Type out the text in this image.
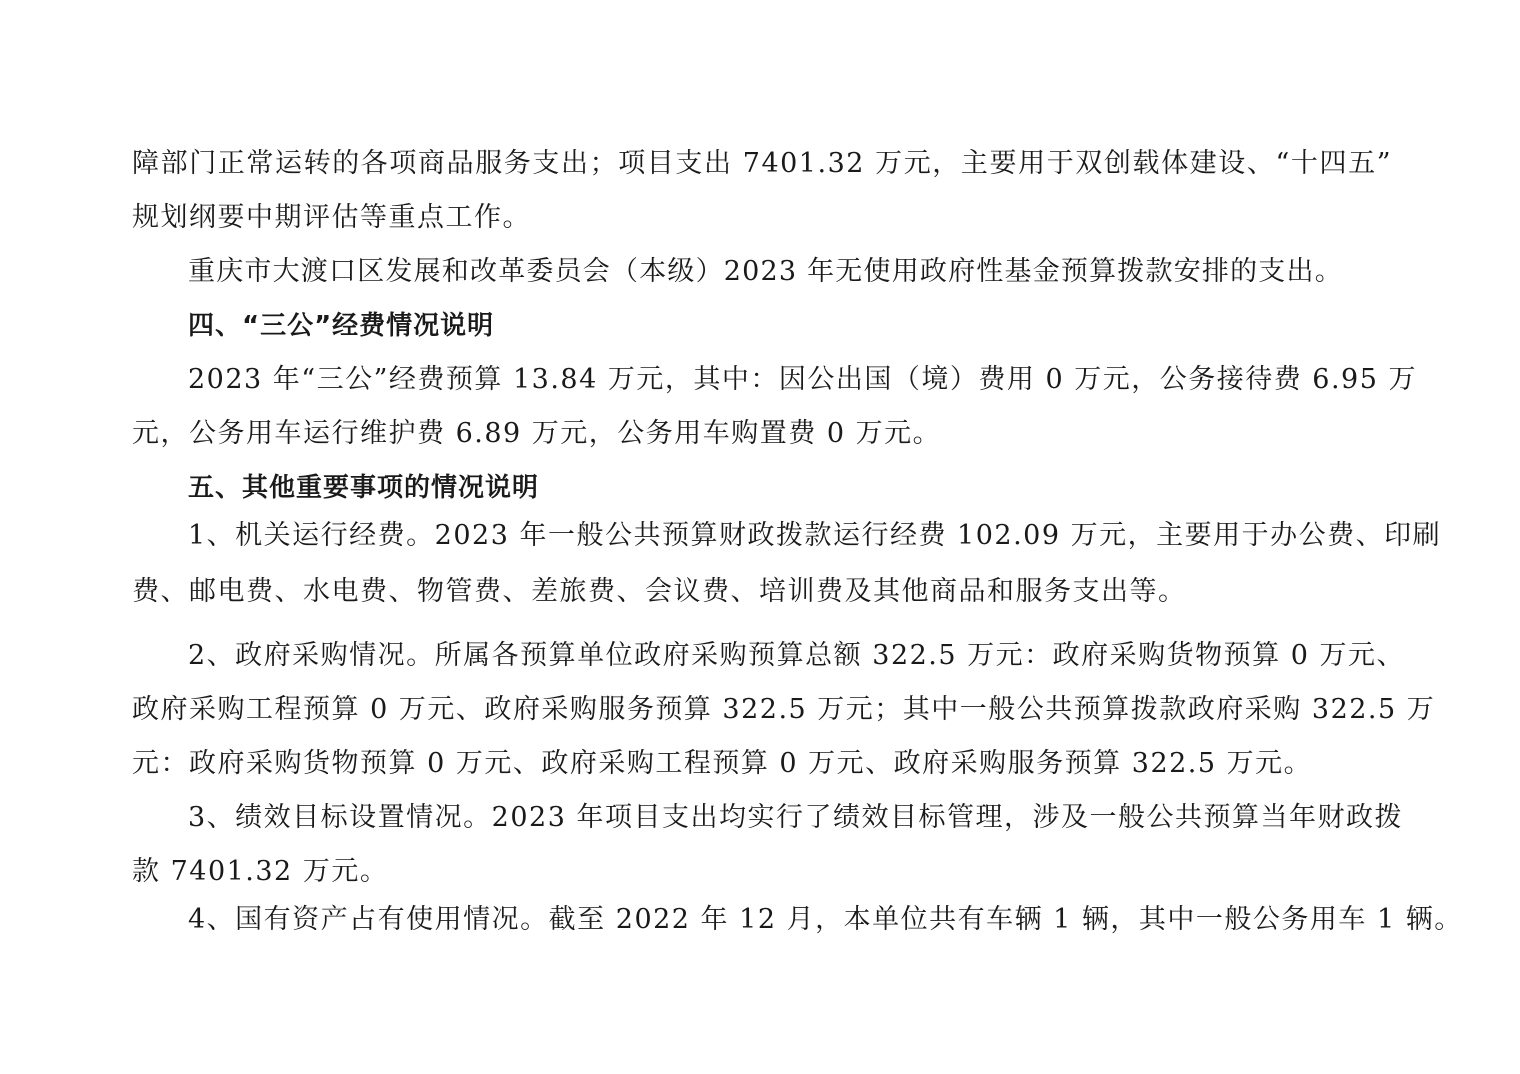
障部门正常运转的各项商品服务支出；项目支出 7401.32 万元，主要用于双创载体建设、“十四五”
规划纲要中期评估等重点工作。
重庆市大渡口区发展和改革委员会（本级）2023 年无使用政府性基金预算拨款安排的支出。
四、“三公”经费情况说明
2023 年“三公”经费预算 13.84 万元，其中：因公出国（境）费用 0 万元，公务接待费 6.95 万
元，公务用车运行维护费 6.89 万元，公务用车购置费 0 万元。
五、其他重要事项的情况说明
1、机关运行经费。2023 年一般公共预算财政拨款运行经费 102.09 万元，主要用于办公费、印刷
费、邮电费、水电费、物管费、差旅费、会议费、培训费及其他商品和服务支出等。
2、政府采购情况。所属各预算单位政府采购预算总额 322.5 万元：政府采购货物预算 0 万元、
政府采购工程预算 0 万元、政府采购服务预算 322.5 万元；其中一般公共预算拨款政府采购 322.5 万
元：政府采购货物预算 0 万元、政府采购工程预算 0 万元、政府采购服务预算 322.5 万元。
3、绩效目标设置情况。2023 年项目支出均实行了绩效目标管理，涉及一般公共预算当年财政拨
款 7401.32 万元。
4、国有资产占有使用情况。截至 2022 年 12 月，本单位共有车辆 1 辆，其中一般公务用车 1 辆。
